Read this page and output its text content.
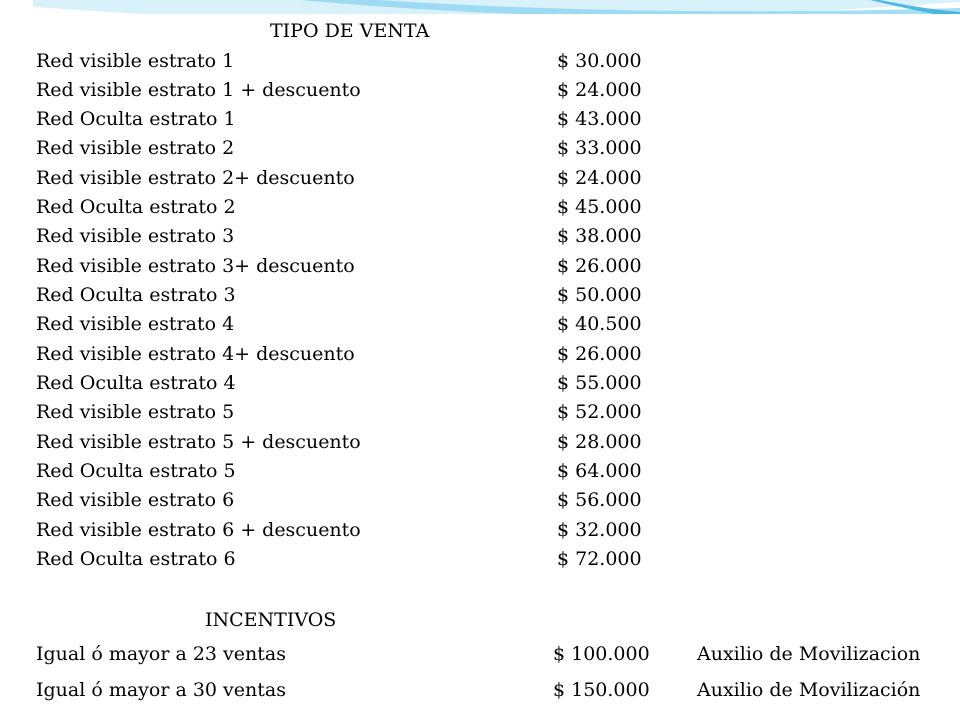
TIPO DE VENTA
Red visible estrato 1	$ 30.000
Red visible estrato 1 + descuento	$ 24.000
Red Oculta estrato 1	$ 43.000
Red visible estrato 2	$ 33.000
Red visible estrato 2+ descuento	$ 24.000
Red Oculta estrato 2	$ 45.000
Red visible estrato 3	$ 38.000
Red visible estrato 3+ descuento	$ 26.000
Red Oculta estrato 3	$ 50.000
Red visible estrato 4	$ 40.500
Red visible estrato 4+ descuento	$ 26.000
Red Oculta estrato 4	$ 55.000
Red visible estrato 5	$ 52.000
Red visible estrato 5 + descuento	$ 28.000
Red Oculta estrato 5	$ 64.000
Red visible estrato 6	$ 56.000
Red visible estrato 6 + descuento	$ 32.000
Red Oculta estrato 6	$ 72.000
INCENTIVOS
Igual ó mayor a 23 ventas	$ 100.000 Auxilio de Movilizacion
Igual ó mayor a 30 ventas	$ 150.000 Auxilio de Movilización
